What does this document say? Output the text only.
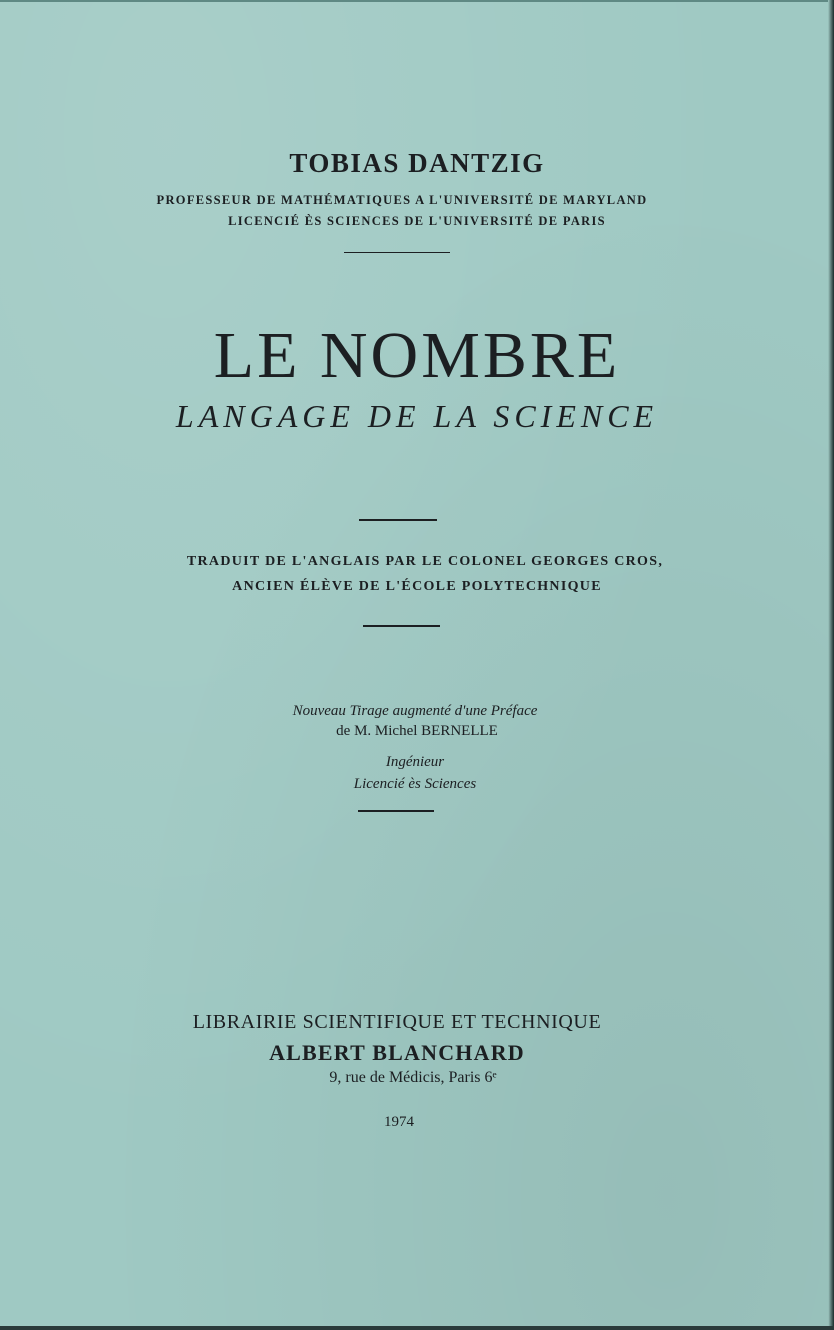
TOBIAS DANTZIG

PROFESSEUR DE MATHÉMATIQUES A L'UNIVERSITÉ DE MARYLAND

LICENCIÉ ÈS SCIENCES DE L'UNIVERSITÉ DE PARIS

LE NOMBRE

LANGAGE DE LA SCIENCE

TRADUIT DE L'ANGLAIS PAR LE COLONEL GEORGES CROS,

ANCIEN ÉLÈVE DE L'ÉCOLE POLYTECHNIQUE

Nouveau Tirage augmenté d'une Préface

de M. Michel BERNELLE

Ingénieur

Licencié ès Sciences

LIBRAIRIE SCIENTIFIQUE ET TECHNIQUE

ALBERT BLANCHARD

9, rue de Médicis, Paris 6ᵉ

1974
